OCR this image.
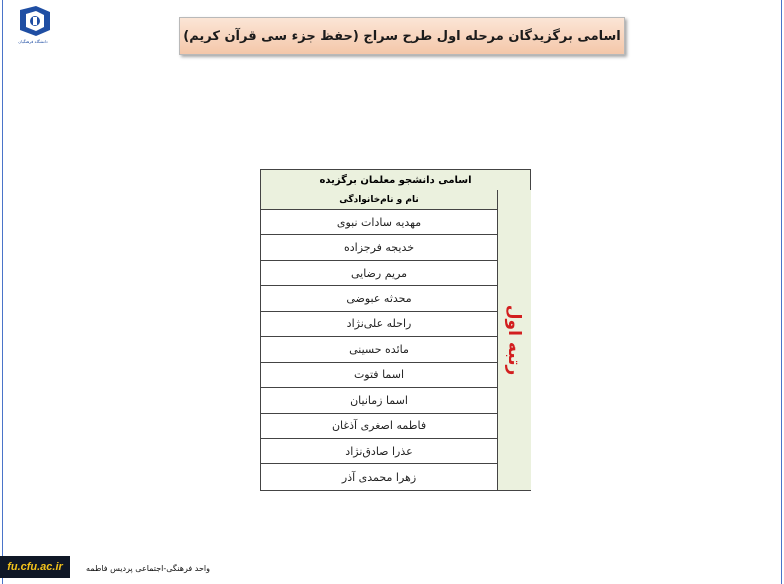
دانشگاه فرهنگیان	اسامی برگزیدگان مرحله اول طرح سراج (حفظ جزء سی قرآن کریم)
اسامی دانشجو معلمان برگزیده
نام و نام‌خانوادگی
مهدیه سادات نبوی
خدیجه فرجزاده
مریم رضایی
محدثه عبوضی
راحله علی‌نژاد
مائده حسینی
اسما فتوت
اسما زمانیان
فاطمه اصغری آذغان
عذرا صادق‌نژاد
زهرا محمدی آذر
رتبه اول
fu.cfu.ac.ir	واحد فرهنگی-اجتماعی پردیس فاطمه
